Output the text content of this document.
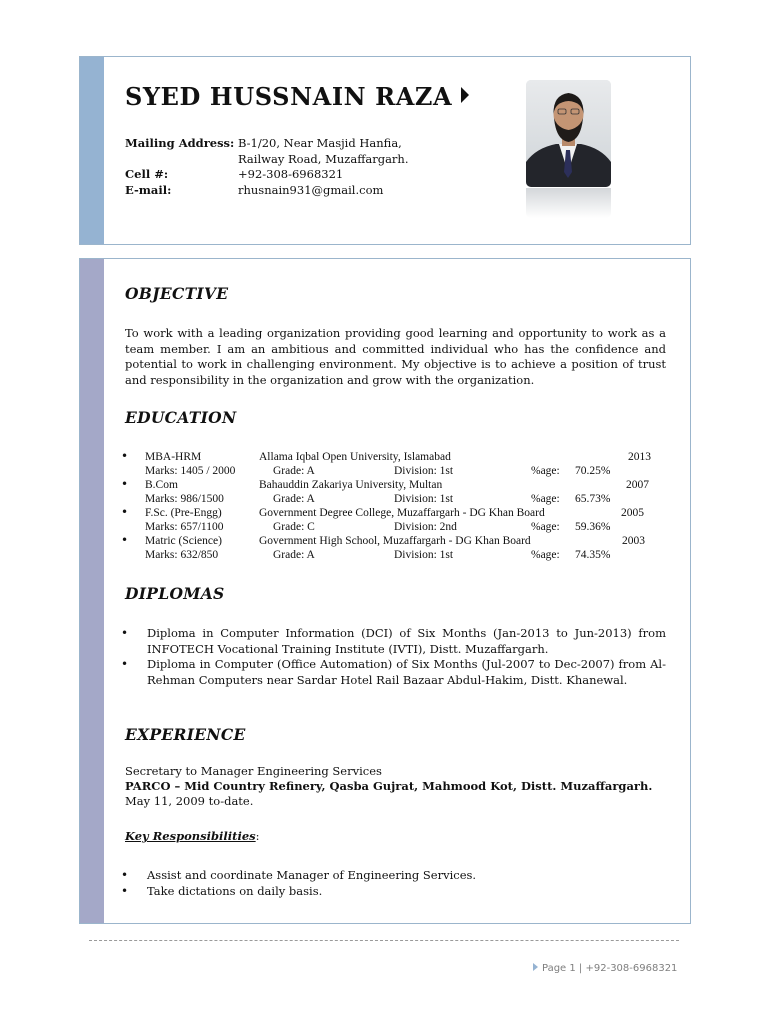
SYED HUSSNAIN RAZA
Mailing Address: B-1/20, Near Masjid Hanfia,
Railway Road, Muzaffargarh.
Cell #:	+92-308-6968321
E-mail:	rhusnain931@gmail.com
OBJECTIVE
To work with a leading organization providing good learning and opportunity to work as a team member. I am an ambitious and committed individual who has the confidence and potential to work in challenging environment. My objective is to achieve a position of trust and responsibility in the organization and grow with the organization.
EDUCATION
• MBA-HRM	Allama Iqbal Open University, Islamabad	2013
Marks: 1405 / 2000	Grade: A	Division: 1st	%age: 70.25%
• B.Com	Bahauddin Zakariya University, Multan	2007
Marks: 986/1500	Grade: A	Division: 1st	%age: 65.73%
• F.Sc. (Pre-Engg)	Government Degree College, Muzaffargarh - DG Khan Board	2005
Marks: 657/1100	Grade: C	Division: 2nd	%age: 59.36%
• Matric (Science)	Government High School, Muzaffargarh - DG Khan Board	2003
Marks: 632/850	Grade: A	Division: 1st	%age: 74.35%
DIPLOMAS
• Diploma in Computer Information (DCI) of Six Months (Jan-2013 to Jun-2013) from INFOTECH Vocational Training Institute (IVTI), Distt. Muzaffargarh.
• Diploma in Computer (Office Automation) of Six Months (Jul-2007 to Dec-2007) from Al-Rehman Computers near Sardar Hotel Rail Bazaar Abdul-Hakim, Distt. Khanewal.
EXPERIENCE
Secretary to Manager Engineering Services
PARCO – Mid Country Refinery, Qasba Gujrat, Mahmood Kot, Distt. Muzaffargarh.
May 11, 2009 to-date.
Key Responsibilities:
• Assist and coordinate Manager of Engineering Services.
• Take dictations on daily basis.
Page 1 | +92-308-6968321
